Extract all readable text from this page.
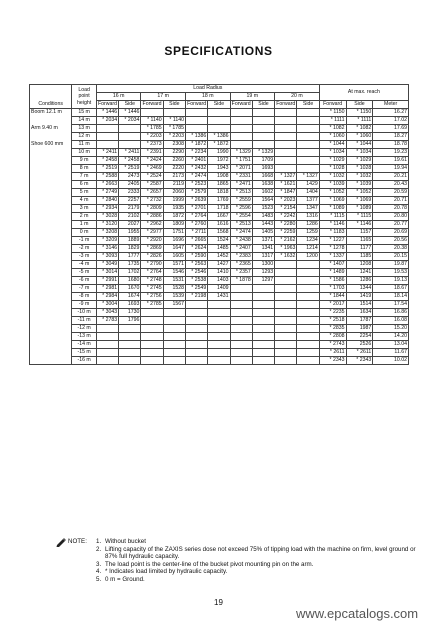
SPECIFICATIONS
Conditions	Load point height	Load Radius										At max. reach		
		16 m		17 m		18 m		19 m		20 m				
		Forward	Side	Forward	Side	Forward	Side	Forward	Side	Forward	Side	Forward	Side	Meter
Boom 12.1 m	15 m	* 1446	* 1446									* 1150	* 1150	16.27
	14 m	* 2034	* 2034	* 1140	* 1140							* 1111	* 1111	17.02
Arm 9.40 m	13 m			* 1785	* 1785							* 1082	* 1082	17.69
	12 m			* 2203	* 2203	* 1386	* 1386					* 1060	* 1060	18.27
Shoe 600 mm	11 m			* 2373	2308	* 1872	* 1872					* 1044	* 1044	18.78
	10 m	* 2411	* 2411	* 2391	2290	* 2234	1990	* 1329	* 1329			* 1034	* 1034	19.23
	9 m	* 2458	* 2458	* 2424	2260	* 2401	1972	* 1751	1709			* 1029	* 1029	19.61
	8 m	* 2519	* 2519	* 2469	2220	* 2432	1943	* 2071	1693			* 1028	* 1028	19.94
	7 m	* 2588	2473	* 2524	2173	* 2474	1908	* 2331	1668	* 1327	* 1327	* 1032	* 1032	20.21
	6 m	* 2663	2405	* 2587	2119	* 2523	1865	* 2471	1638	* 1621	1429	* 1039	* 1039	20.43
	5 m	* 2749	2333	* 2657	2060	* 2579	1818	* 2513	1602	* 1847	1404	* 1052	* 1052	20.59
	4 m	* 2840	2257	* 2732	1999	* 2639	1769	* 2559	1564	* 2023	1377	* 1069	* 1069	20.71
	3 m	* 2934	2179	* 2809	1935	* 2701	1718	* 2596	1523	* 2154	1347	* 1089	* 1089	20.78
	2 m	* 3028	2102	* 2886	1872	* 2764	1667	* 2554	1483	* 2242	1316	* 1115	* 1115	20.80
	1 m	* 3120	2027	* 2962	1809	* 2760	1616	* 2513	1443	* 2280	1286	* 1146	* 1146	20.77
	0 m	* 3208	1955	* 2977	1751	* 2711	1568	* 2474	1405	* 2259	1259	* 1183	1157	20.69
	-1 m	* 3209	1889	* 2920	1696	* 2665	1524	* 2438	1371	* 2162	1234	* 1227	1165	20.56
	-2 m	* 3146	1829	* 2869	1647	* 2624	1485	* 2407	1341	* 1963	1214	* 1278	1177	20.38
	-3 m	* 3093	1777	* 2826	1605	* 2590	1452	* 2383	1317	* 1632	1200	* 1337	1185	20.15
	-4 m	* 3049	1735	* 2790	1571	* 2563	1427	* 2365	1300			* 1407	1208	19.87
	-5 m	* 3014	1702	* 2764	1546	* 2546	1410	* 2357	1293			* 1489	1241	19.53
	-6 m	* 2991	1680	* 2748	1531	* 2538	1403	* 1878	1297			* 1586	1286	19.13
	-7 m	* 2981	1670	* 2745	1528	* 2549	1409					* 1703	1344	18.67
	-8 m	* 2984	1674	* 2756	1539	* 2198	1431					* 1844	1419	18.14
	-9 m	* 3004	1693	* 2785	1567							* 2017	1514	17.54
	-10 m	* 3043	1730									* 2235	1634	16.86
	-11 m	* 2783	1796									* 2518	1787	16.08
	-12 m											* 2835	1987	15.20
	-13 m											* 2808	2254	14.20
	-14 m											* 2743	2526	13.04
	-15 m											* 2611	* 2611	11.67
	-16 m											* 2343	* 2343	10.02
NOTE:	1. Without bucket
2. Lifting capacity of the ZAXIS series dose not exceed 75% of tipping load with the machine on firm, level ground or 87% full hydraulic capacity.
3. The load point is the center-line of the bucket pivot mounting pin on the arm.
4. * Indicates load limited by hydraulic capacity.
5. 0 m = Ground.
19
www.epcatalogs.com
